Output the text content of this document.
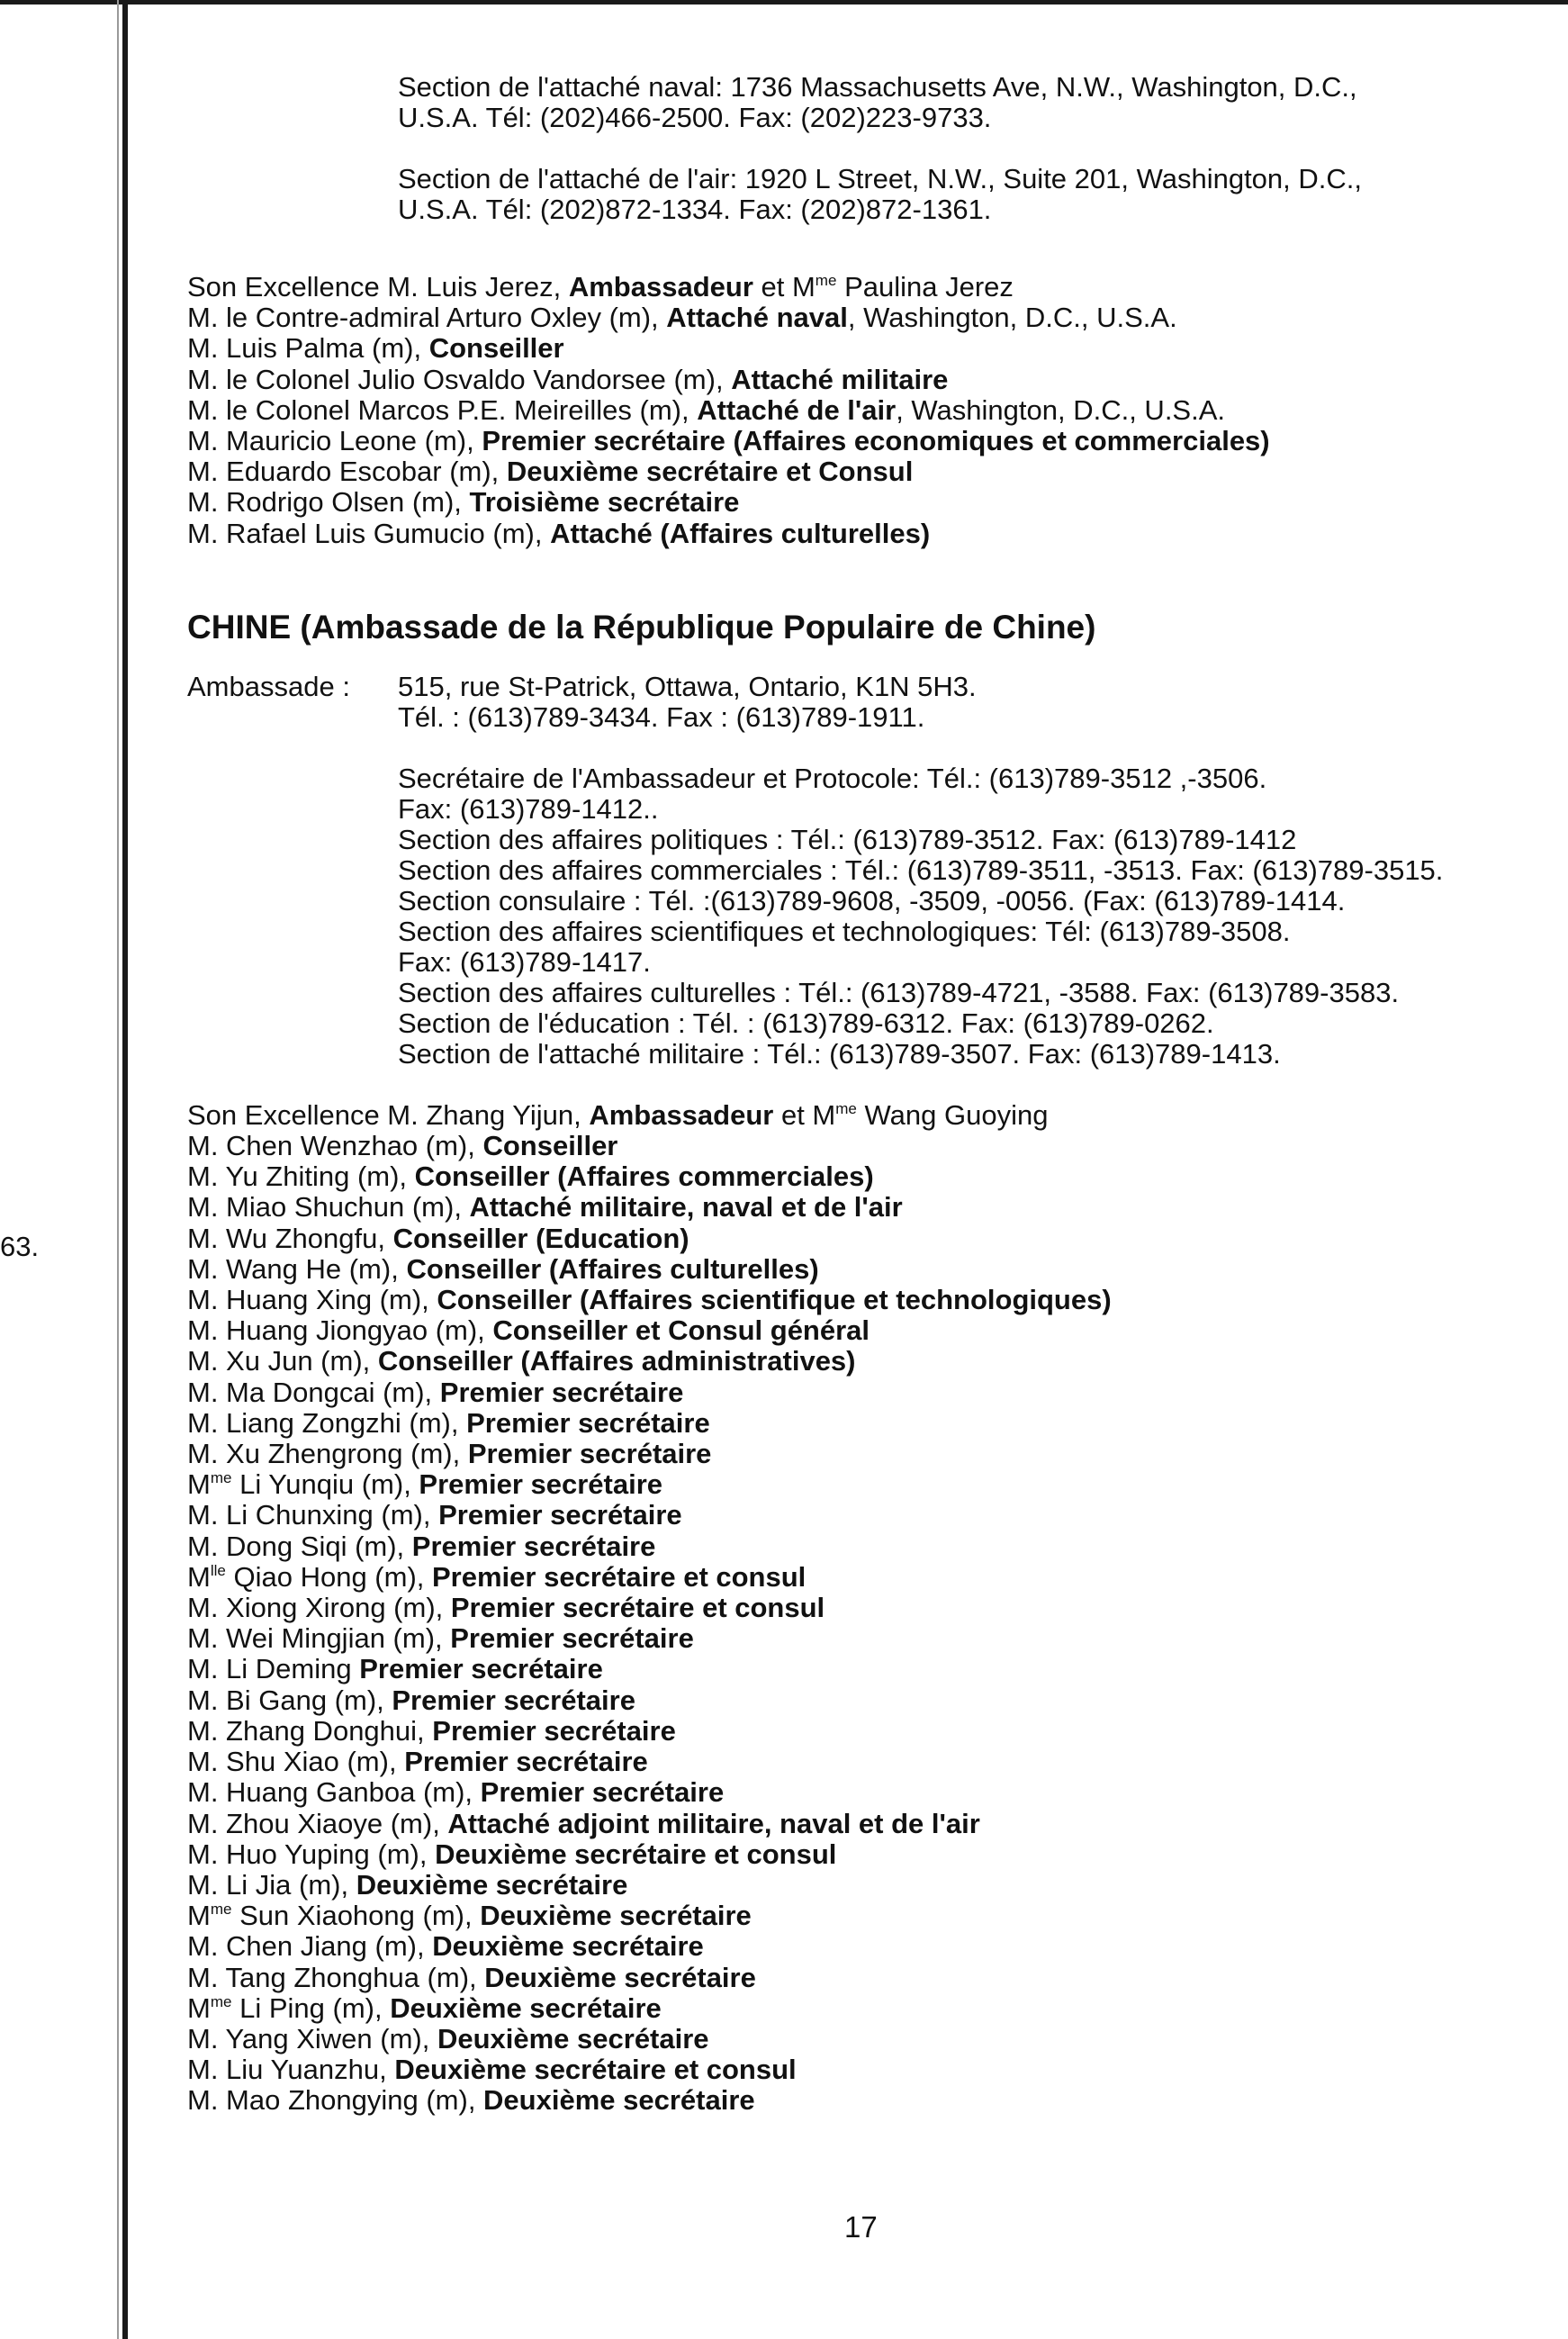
63.
Section de l'attaché naval: 1736 Massachusetts Ave, N.W., Washington, D.C.,
U.S.A. Tél: (202)466-2500. Fax: (202)223-9733.
Section de l'attaché de l'air: 1920 L Street, N.W., Suite 201, Washington, D.C.,
U.S.A. Tél: (202)872-1334. Fax: (202)872-1361.
Son Excellence M. Luis Jerez, Ambassadeur et $M^{me}$ Paulina Jerez
M. le Contre-admiral Arturo Oxley (m), Attaché naval, Washington, D.C., U.S.A.
M. Luis Palma (m), Conseiller
M. le Colonel Julio Osvaldo Vandorsee (m), Attaché militaire
M. le Colonel Marcos P.E. Meireilles (m), Attaché de l'air, Washington, D.C., U.S.A.
M. Mauricio Leone (m), Premier secrétaire (Affaires economiques et commerciales)
M. Eduardo Escobar (m), Deuxième secrétaire et Consul
M. Rodrigo Olsen (m), Troisième secrétaire
M. Rafael Luis Gumucio (m), Attaché (Affaires culturelles)
CHINE (Ambassade de la République Populaire de Chine)
Ambassade :	515, rue St-Patrick, Ottawa, Ontario, K1N 5H3.
Tél. : (613)789-3434. Fax : (613)789-1911.
Secrétaire de l'Ambassadeur et Protocole: Tél.: (613)789-3512 ,-3506.
Fax: (613)789-1412..
Section des affaires politiques : Tél.: (613)789-3512. Fax: (613)789-1412
Section des affaires commerciales : Tél.: (613)789-3511, -3513. Fax: (613)789-3515.
Section consulaire : Tél. :(613)789-9608, -3509, -0056. (Fax: (613)789-1414.
Section des affaires scientifiques et technologiques: Tél: (613)789-3508.
Fax: (613)789-1417.
Section des affaires culturelles : Tél.: (613)789-4721, -3588. Fax: (613)789-3583.
Section de l'éducation : Tél. : (613)789-6312. Fax: (613)789-0262.
Section de l'attaché militaire : Tél.: (613)789-3507. Fax: (613)789-1413.
Son Excellence M. Zhang Yijun, Ambassadeur et $M^{me}$ Wang Guoying
M. Chen Wenzhao (m), Conseiller
M. Yu Zhiting (m), Conseiller (Affaires commerciales)
M. Miao Shuchun (m), Attaché militaire, naval et de l'air
M. Wu Zhongfu, Conseiller (Education)
M. Wang He (m), Conseiller (Affaires culturelles)
M. Huang Xing (m), Conseiller (Affaires scientifique et technologiques)
M. Huang Jiongyao (m), Conseiller et Consul général
M. Xu Jun (m), Conseiller (Affaires administratives)
M. Ma Dongcai (m), Premier secrétaire
M. Liang Zongzhi (m), Premier secrétaire
M. Xu Zhengrong (m), Premier secrétaire
$M^{me}$ Li Yunqiu (m), Premier secrétaire
M. Li Chunxing (m), Premier secrétaire
M. Dong Siqi (m), Premier secrétaire
$M^{lle}$ Qiao Hong (m), Premier secrétaire et consul
M. Xiong Xirong (m), Premier secrétaire et consul
M. Wei Mingjian (m), Premier secrétaire
M. Li Deming Premier secrétaire
M. Bi Gang (m), Premier secrétaire
M. Zhang Donghui, Premier secrétaire
M. Shu Xiao (m), Premier secrétaire
M. Huang Ganboa (m), Premier secrétaire
M. Zhou Xiaoye (m), Attaché adjoint militaire, naval et de l'air
M. Huo Yuping (m), Deuxième secrétaire et consul
M. Li Jia (m), Deuxième secrétaire
$M^{me}$ Sun Xiaohong (m), Deuxième secrétaire
M. Chen Jiang (m), Deuxième secrétaire
M. Tang Zhonghua (m), Deuxième secrétaire
$M^{me}$ Li Ping (m), Deuxième secrétaire
M. Yang Xiwen (m), Deuxième secrétaire
M. Liu Yuanzhu, Deuxième secrétaire et consul
M. Mao Zhongying (m), Deuxième secrétaire
17
